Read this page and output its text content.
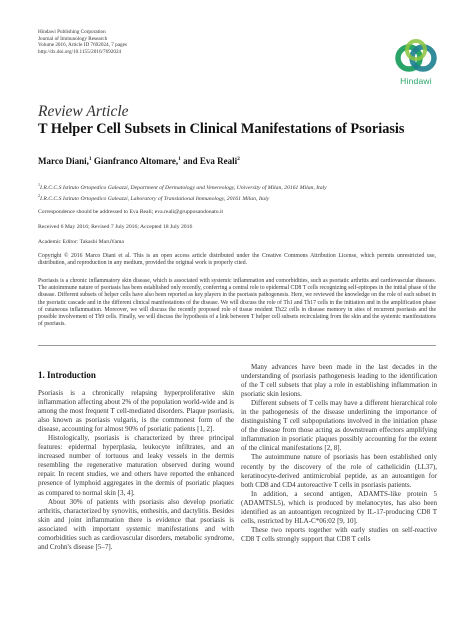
Hindawi Publishing Corporation
Journal of Immunology Research
Volume 2016, Article ID 7692024, 7 pages
http://dx.doi.org/10.1155/2016/7692024
Hindawi
Review Article
T Helper Cell Subsets in Clinical Manifestations of Psoriasis
Marco Diani,$^1$ Gianfranco Altomare,$^1$ and Eva Reali$^2$
$^1$I.R.C.C.S Istituto Ortopedico Galeazzi, Department of Dermatology and Venereology, University of Milan, 20161 Milan, Italy
$^2$I.R.C.C.S Istituto Ortopedico Galeazzi, Laboratory of Translational Immunology, 20161 Milan, Italy
Correspondence should be addressed to Eva Reali; eva.reali@grupposandonato.it
Received 6 May 2016; Revised 7 July 2016; Accepted 18 July 2016
Academic Editor: Takashi MaruYama
Copyright © 2016 Marco Diani et al. This is an open access article distributed under the Creative Commons Attribution License, which permits unrestricted use, distribution, and reproduction in any medium, provided the original work is properly cited.
Psoriasis is a chronic inflammatory skin disease, which is associated with systemic inflammation and comorbidities, such as psoriatic arthritis and cardiovascular diseases. The autoimmune nature of psoriasis has been established only recently, conferring a central role to epidermal CD8 T cells recognizing self-epitopes in the initial phase of the disease. Different subsets of helper cells have also been reported as key players in the psoriasis pathogenesis. Here, we reviewed the knowledge on the role of each subset in the psoriatic cascade and in the different clinical manifestations of the disease. We will discuss the role of Th1 and Th17 cells in the initiation and in the amplification phase of cutaneous inflammation. Moreover, we will discuss the recently proposed role of tissue resident Th22 cells in disease memory in sites of recurrent psoriasis and the possible involvement of Th9 cells. Finally, we will discuss the hypothesis of a link between T helper cell subsets recirculating from the skin and the systemic manifestations of psoriasis.
1. Introduction

Psoriasis is a chronically relapsing hyperproliferative skin inflammation affecting about 2% of the population world-wide and is among the most frequent T cell-mediated disorders. Plaque psoriasis, also known as psoriasis vulgaris, is the commonest form of the disease, accounting for almost 90% of psoriatic patients [1, 2].

Histologically, psoriasis is characterized by three principal features: epidermal hyperplasia, leukocyte infiltrates, and an increased number of tortuous and leaky vessels in the dermis resembling the regenerative maturation observed during wound repair. In recent studies, we and others have reported the enhanced presence of lymphoid aggregates in the dermis of psoriatic plaques as compared to normal skin [3, 4].

About 30% of patients with psoriasis also develop psoriatic arthritis, characterized by synovitis, enthesitis, and dactylitis. Besides skin and joint inflammation there is evidence that psoriasis is associated with important systemic manifestations and with comorbidities such as cardiovascular disorders, metabolic syndrome, and Crohn's disease [5–7].

Many advances have been made in the last decades in the understanding of psoriasis pathogenesis leading to the identification of the T cell subsets that play a role in establishing inflammation in psoriatic skin lesions.

Different subsets of T cells may have a different hierarchical role in the pathogenesis of the disease underlining the importance of distinguishing T cell subpopulations involved in the initiation phase of the disease from those acting as downstream effectors amplifying inflammation in psoriatic plaques possibly accounting for the extent of the clinical manifestations [2, 8].

The autoimmune nature of psoriasis has been established only recently by the discovery of the role of cathelicidin (LL37), keratinocyte-derived antimicrobial peptide, as an autoantigen for both CD8 and CD4 autoreactive T cells in psoriasis patients.

In addition, a second antigen, ADAMTS-like protein 5 (ADAMTSL5), which is produced by melanocytes, has also been identified as an autoantigen recognized by IL-17-producing CD8 T cells, restricted by HLA-C*06:02 [9, 10].

These two reports together with early studies on self-reactive CD8 T cells strongly support that CD8 T cells
